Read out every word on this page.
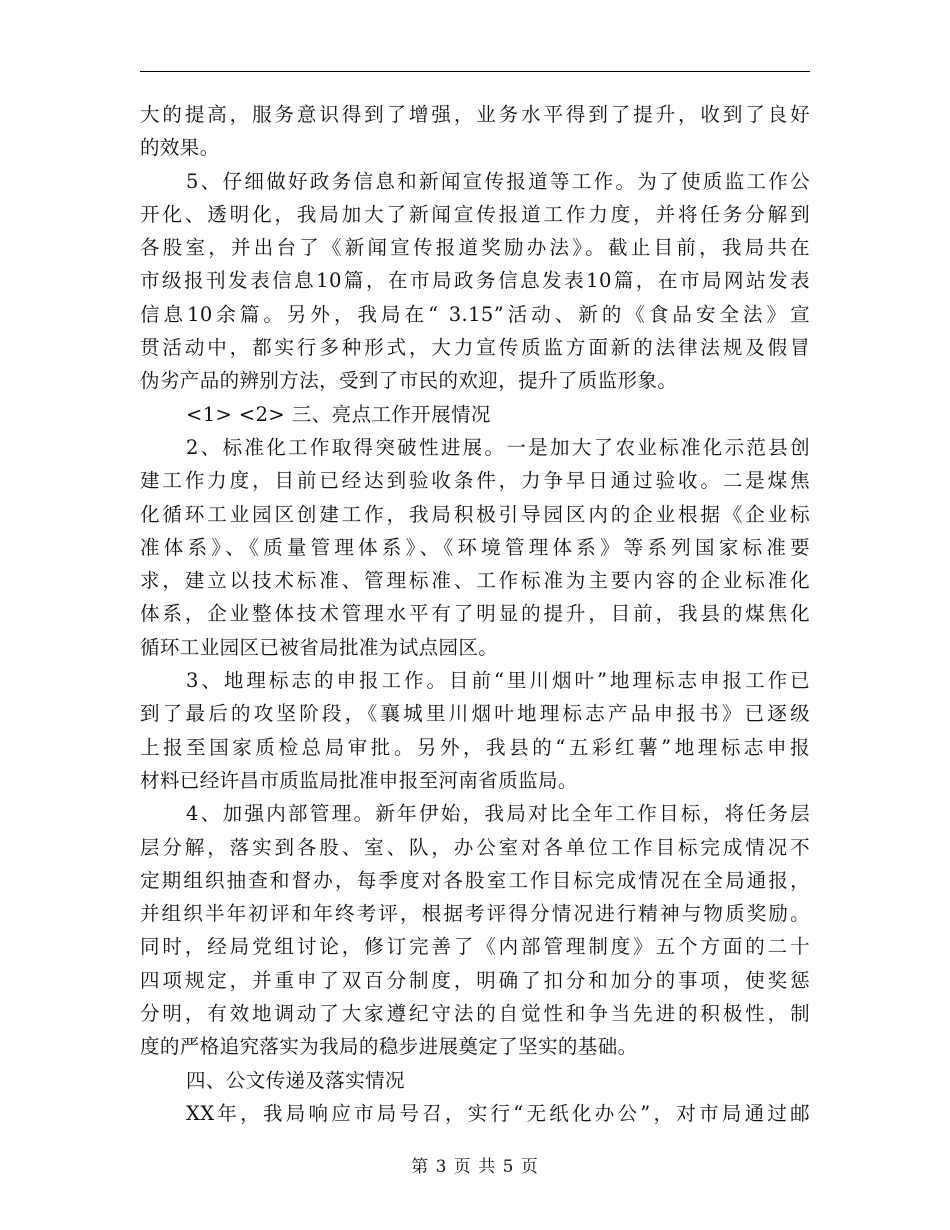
大的提高，服务意识得到了增强，业务水平得到了提升，收到了良好
的效果。
5、仔细做好政务信息和新闻宣传报道等工作。为了使质监工作公
开化、透明化，我局加大了新闻宣传报道工作力度，并将任务分解到
各股室，并出台了《新闻宣传报道奖励办法》。截止目前，我局共在
市级报刊发表信息10篇，在市局政务信息发表10篇，在市局网站发表
信息10余篇。另外，我局在“ 3.15”活动、新的《食品安全法》宣
贯活动中，都实行多种形式，大力宣传质监方面新的法律法规及假冒
伪劣产品的辨别方法，受到了市民的欢迎，提升了质监形象。
<1> <2> 三、亮点工作开展情况
2、标准化工作取得突破性进展。一是加大了农业标准化示范县创
建工作力度，目前已经达到验收条件，力争早日通过验收。二是煤焦
化循环工业园区创建工作，我局积极引导园区内的企业根据《企业标
准体系》、《质量管理体系》、《环境管理体系》等系列国家标准要
求，建立以技术标准、管理标准、工作标准为主要内容的企业标准化
体系，企业整体技术管理水平有了明显的提升，目前，我县的煤焦化
循环工业园区已被省局批准为试点园区。
3、地理标志的申报工作。目前“里川烟叶”地理标志申报工作已
到了最后的攻坚阶段，《襄城里川烟叶地理标志产品申报书》已逐级
上报至国家质检总局审批。另外，我县的“五彩红薯”地理标志申报
材料已经许昌市质监局批准申报至河南省质监局。
4、加强内部管理。新年伊始，我局对比全年工作目标，将任务层
层分解，落实到各股、室、队，办公室对各单位工作目标完成情况不
定期组织抽查和督办，每季度对各股室工作目标完成情况在全局通报，
并组织半年初评和年终考评，根据考评得分情况进行精神与物质奖励。
同时，经局党组讨论，修订完善了《内部管理制度》五个方面的二十
四项规定，并重申了双百分制度，明确了扣分和加分的事项，使奖惩
分明，有效地调动了大家遵纪守法的自觉性和争当先进的积极性，制
度的严格追究落实为我局的稳步进展奠定了坚实的基础。
四、公文传递及落实情况
XX年，我局响应市局号召，实行“无纸化办公”，对市局通过邮
第 3 页 共 5 页
